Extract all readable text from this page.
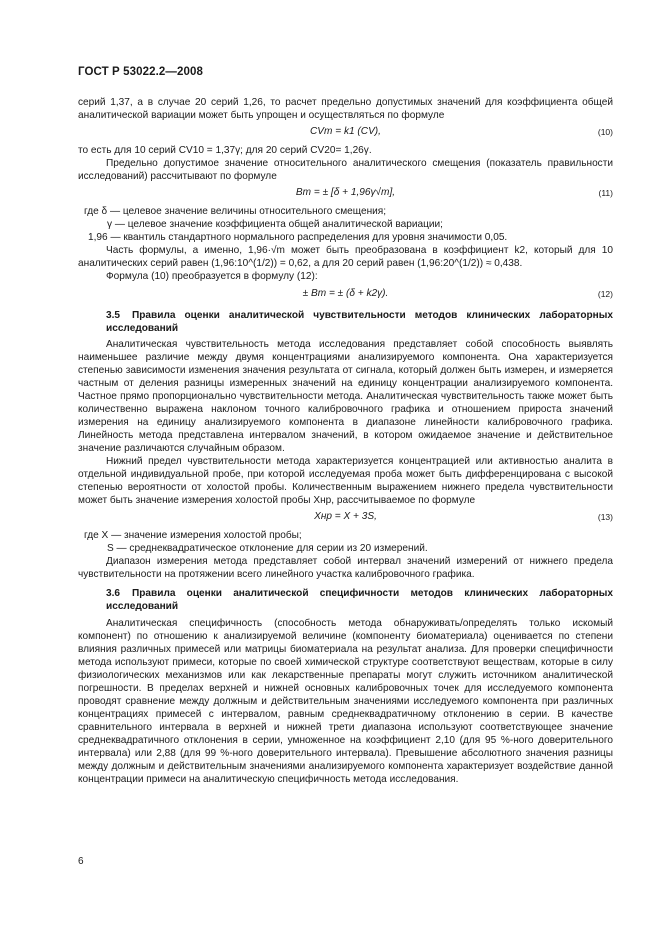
ГОСТ Р 53022.2—2008

серий 1,37, а в случае 20 серий 1,26, то расчет предельно допустимых значений для коэффициента общей аналитической вариации может быть упрощен и осуществляться по формуле

CVm = k1 (CV),	(10)

то есть для 10 серий CV10 = 1,37γ; для 20 серий CV20= 1,26γ.

Предельно допустимое значение относительного аналитического смещения (показатель правильности исследований) рассчитывают по формуле

Bm = ± [δ + 1,96γ√m],	(11)

где δ — целевое значение величины относительного смещения;

γ — целевое значение коэффициента общей аналитической вариации;

1,96 — квантиль стандартного нормального распределения для уровня значимости 0,05.

Часть формулы, а именно, 1,96·√m может быть преобразована в коэффициент k2, который для 10 аналитических серий равен (1,96:10^(1/2)) = 0,62, а для 20 серий равен (1,96:20^(1/2)) ≈ 0,438.

Формула (10) преобразуется в формулу (12):

± Bm = ± (δ + k2γ).	(12)

3.5 Правила оценки аналитической чувствительности методов клинических лабораторных исследований

Аналитическая чувствительность метода исследования представляет собой способность выявлять наименьшее различие между двумя концентрациями анализируемого компонента. Она характеризуется степенью зависимости изменения значения результата от сигнала, который должен быть измерен, и измеряется частным от деления разницы измеренных значений на единицу концентрации анализируемого компонента. Частное прямо пропорционально чувствительности метода. Аналитическая чувствительность также может быть количественно выражена наклоном точного калибровочного графика и отношением прироста значений измерения на единицу анализируемого компонента в диапазоне линейности калибровочного графика. Линейность метода представлена интервалом значений, в котором ожидаемое значение и действительное значение различаются случайным образом.

Нижний предел чувствительности метода характеризуется концентрацией или активностью аналита в отдельной индивидуальной пробе, при которой исследуемая проба может быть дифференцирована с высокой степенью вероятности от холостой пробы. Количественным выражением нижнего предела чувствительности может быть значение измерения холостой пробы Xнр, рассчитываемое по формуле

Xнр = X + 3S,	(13)

где X — значение измерения холостой пробы;

S — среднеквадратическое отклонение для серии из 20 измерений.

Диапазон измерения метода представляет собой интервал значений измерений от нижнего предела чувствительности на протяжении всего линейного участка калибровочного графика.

3.6 Правила оценки аналитической специфичности методов клинических лабораторных исследований

Аналитическая специфичность (способность метода обнаруживать/определять только искомый компонент) по отношению к анализируемой величине (компоненту биоматериала) оценивается по степени влияния различных примесей или матрицы биоматериала на результат анализа. Для проверки специфичности метода используют примеси, которые по своей химической структуре соответствуют веществам, которые в силу физиологических механизмов или как лекарственные препараты могут служить источником аналитической погрешности. В пределах верхней и нижней основных калибровочных точек для исследуемого компонента проводят сравнение между должным и действительным значениями исследуемого компонента при различных концентрациях примесей с интервалом, равным среднеквадратичному отклонению в серии. В качестве сравнительного интервала в верхней и нижней трети диапазона используют соответствующее значение среднеквадратичного отклонения в серии, умноженное на коэффициент 2,10 (для 95 %-ного доверительного интервала) или 2,88 (для 99 %-ного доверительного интервала). Превышение абсолютного значения разницы между должным и действительным значениями анализируемого компонента характеризует воздействие данной концентрации примеси на аналитическую специфичность метода исследования.

6
